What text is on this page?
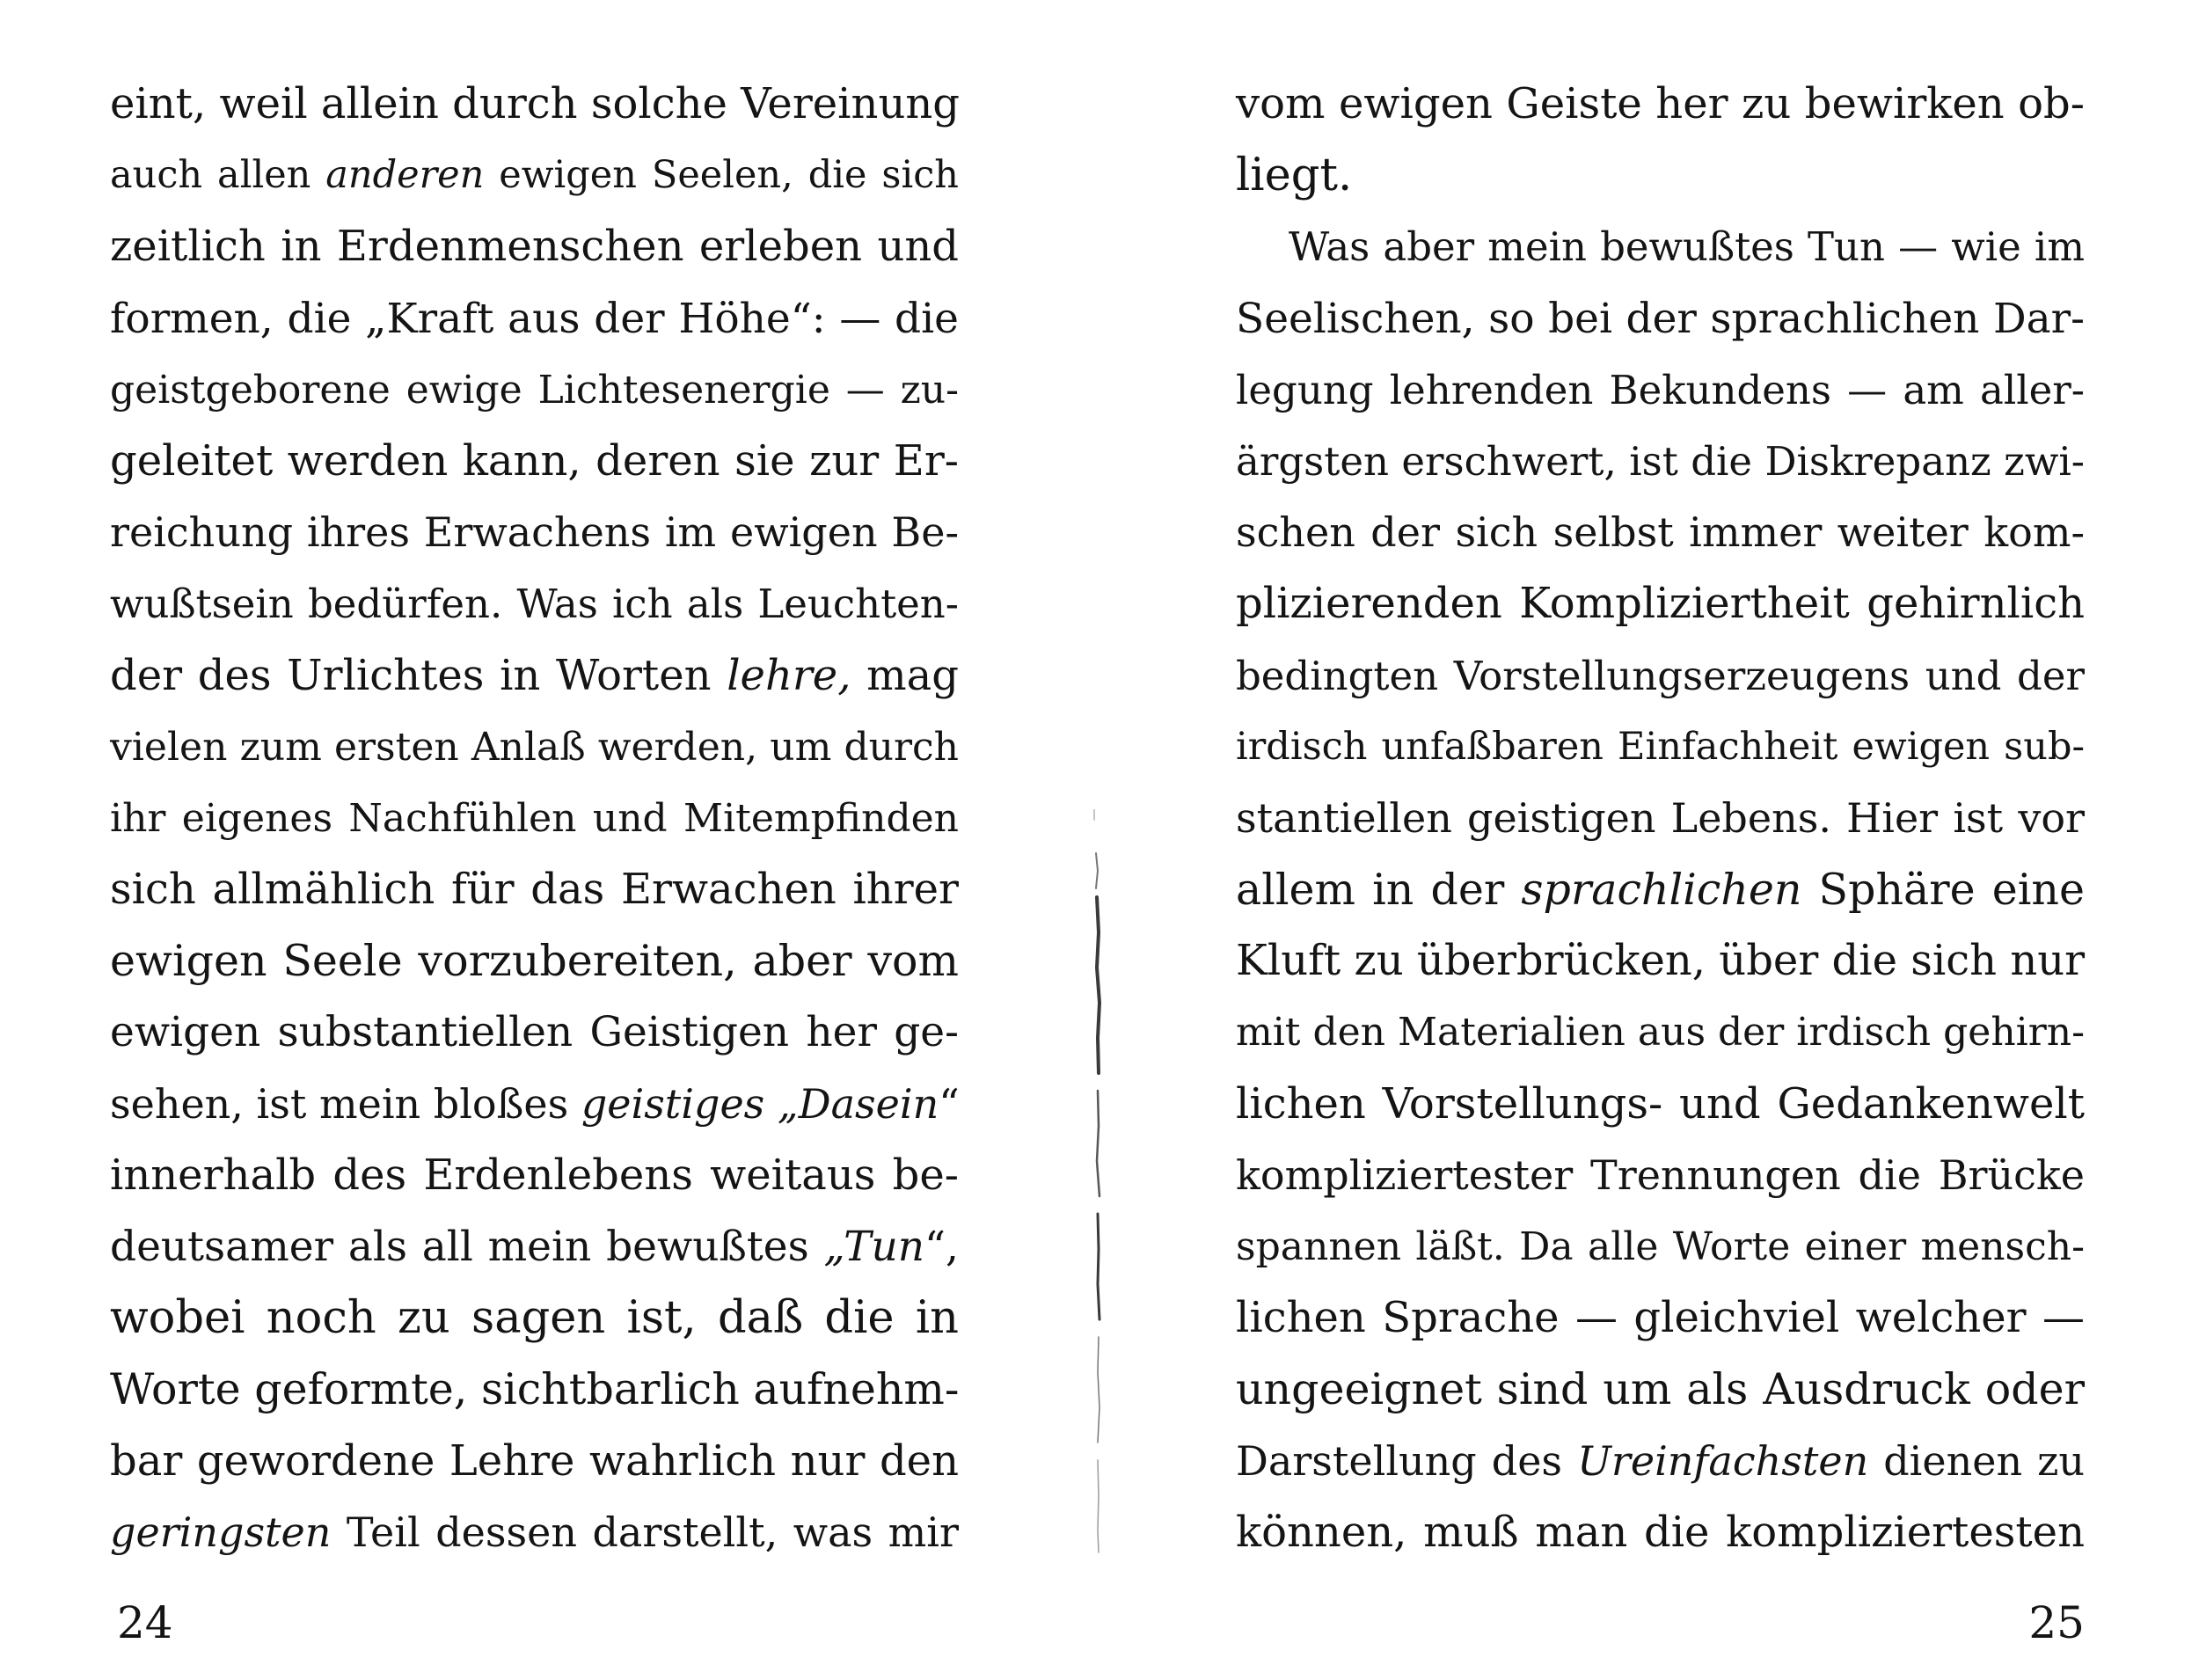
eint, weil allein durch solche Vereinung
auch allen anderen ewigen Seelen, die sich
zeitlich in Erdenmenschen erleben und
formen, die „Kraft aus der Höhe“: — die
geistgeborene ewige Lichtesenergie — zu-
geleitet werden kann, deren sie zur Er-
reichung ihres Erwachens im ewigen Be-
wußtsein bedürfen. Was ich als Leuchten-
der des Urlichtes in Worten lehre, mag
vielen zum ersten Anlaß werden, um durch
ihr eigenes Nachfühlen und Mitempfinden
sich allmählich für das Erwachen ihrer
ewigen Seele vorzubereiten, aber vom
ewigen substantiellen Geistigen her ge-
sehen, ist mein bloßes geistiges „Dasein“
innerhalb des Erdenlebens weitaus be-
deutsamer als all mein bewußtes „Tun“,
wobei noch zu sagen ist, daß die in
Worte geformte, sichtbarlich aufnehm-
bar gewordene Lehre wahrlich nur den
geringsten Teil dessen darstellt, was mir
24
vom ewigen Geiste her zu bewirken ob-
liegt.
Was aber mein bewußtes Tun — wie im
Seelischen, so bei der sprachlichen Dar-
legung lehrenden Bekundens — am aller-
ärgsten erschwert, ist die Diskrepanz zwi-
schen der sich selbst immer weiter kom-
plizierenden Kompliziertheit gehirnlich
bedingten Vorstellungserzeugens und der
irdisch unfaßbaren Einfachheit ewigen sub-
stantiellen geistigen Lebens. Hier ist vor
allem in der sprachlichen Sphäre eine
Kluft zu überbrücken, über die sich nur
mit den Materialien aus der irdisch gehirn-
lichen Vorstellungs- und Gedankenwelt
kompliziertester Trennungen die Brücke
spannen läßt. Da alle Worte einer mensch-
lichen Sprache — gleichviel welcher —
ungeeignet sind um als Ausdruck oder
Darstellung des Ureinfachsten dienen zu
können, muß man die kompliziertesten
25
